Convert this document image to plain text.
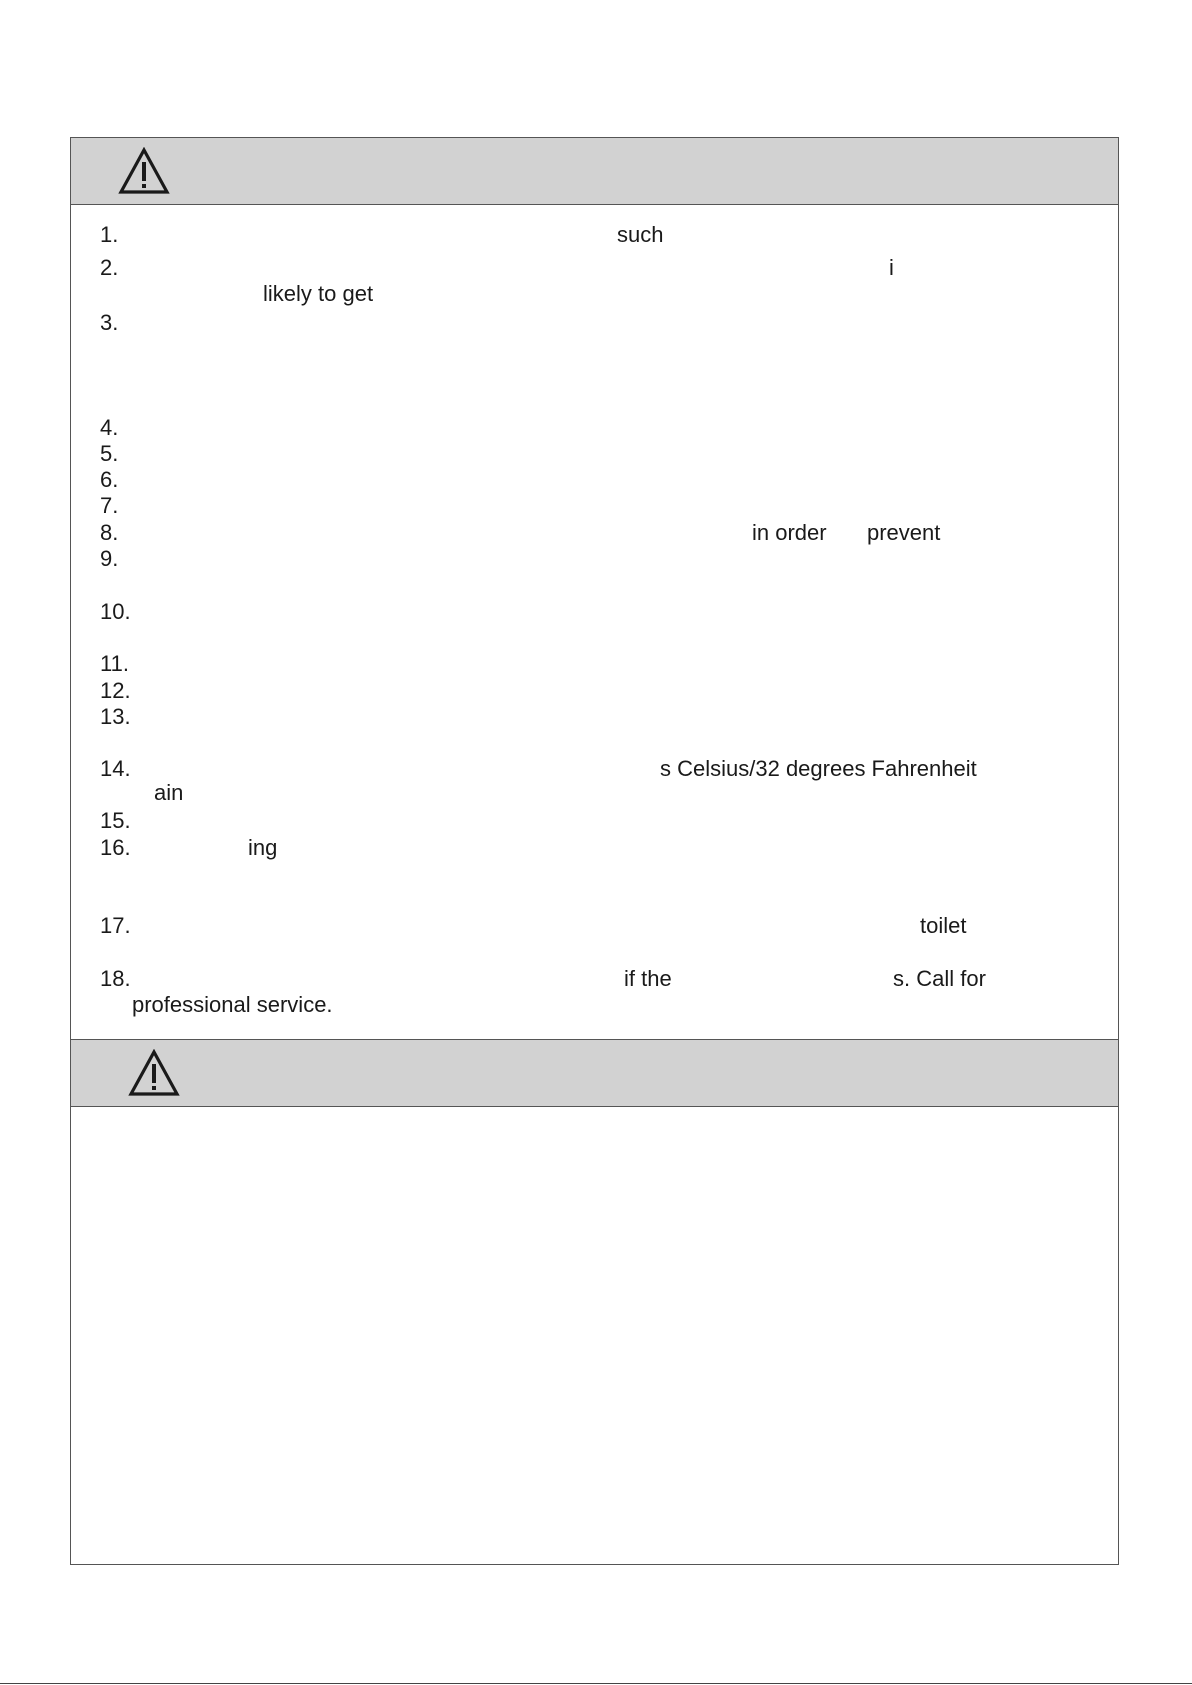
1.	such
2.	i
likely to get
3.
4.
5.
6.
7.
8.	in order prevent
9.
10.
11.
12.
13.
14.	s Celsius/32 degrees Fahrenheit
ain
15.
16.	ing
17.	toilet
18.	if the	s. Call for
professional service.
